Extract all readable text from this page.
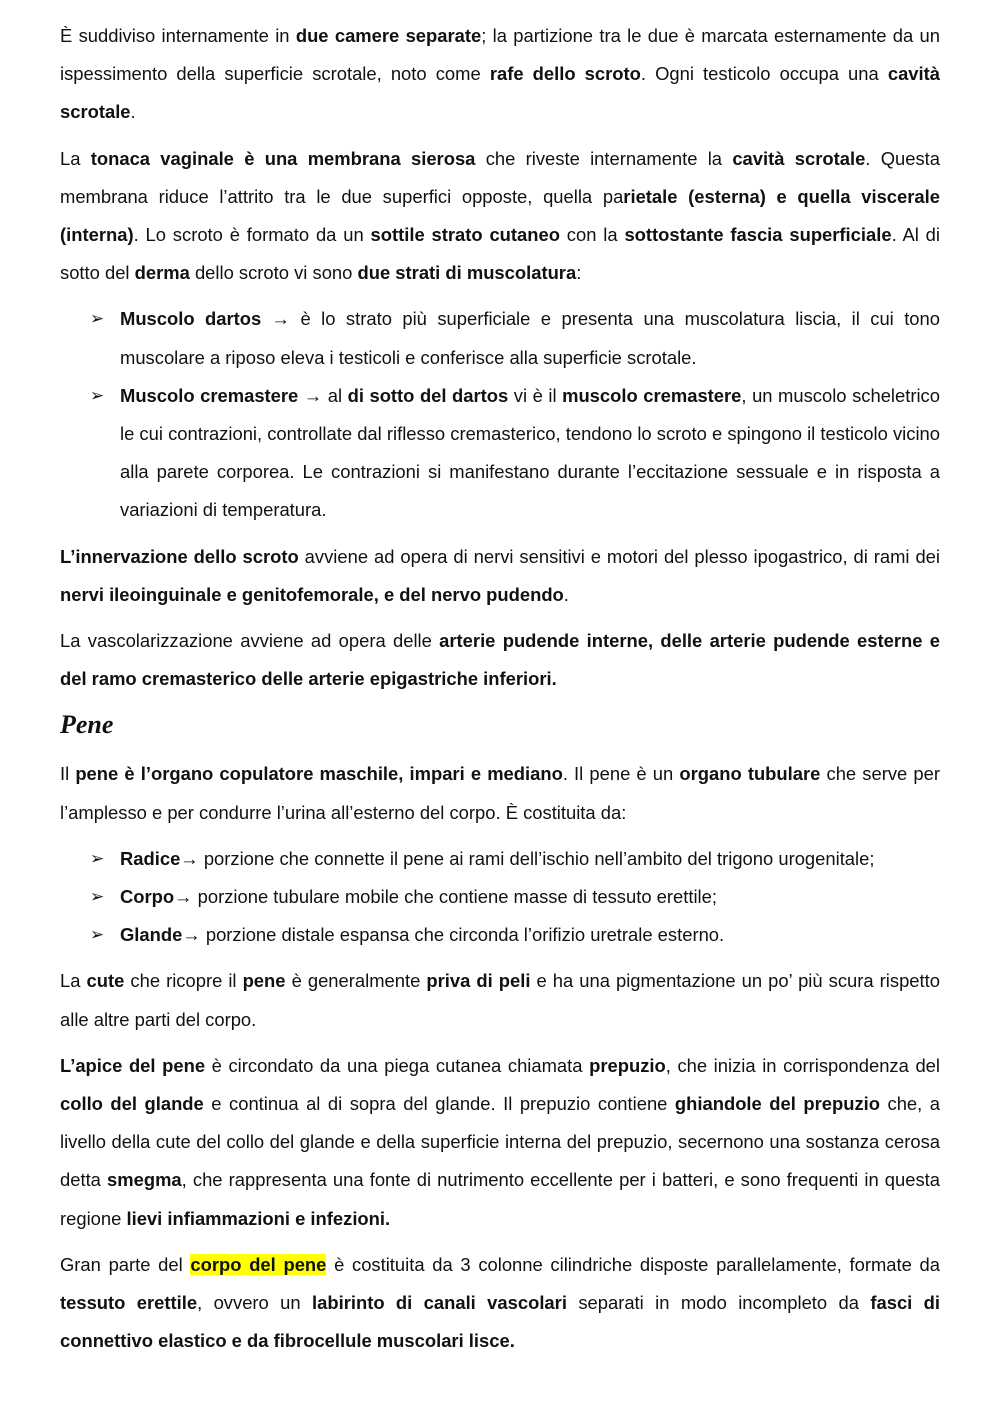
È suddiviso internamente in due camere separate; la partizione tra le due è marcata esternamente da un ispessimento della superficie scrotale, noto come rafe dello scroto. Ogni testicolo occupa una cavità scrotale.

La tonaca vaginale è una membrana sierosa che riveste internamente la cavità scrotale. Questa membrana riduce l’attrito tra le due superfici opposte, quella parietale (esterna) e quella viscerale (interna). Lo scroto è formato da un sottile strato cutaneo con la sottostante fascia superficiale. Al di sotto del derma dello scroto vi sono due strati di muscolatura:

➢ Muscolo dartos → è lo strato più superficiale e presenta una muscolatura liscia, il cui tono muscolare a riposo eleva i testicoli e conferisce alla superficie scrotale.
➢ Muscolo cremastere → al di sotto del dartos vi è il muscolo cremastere, un muscolo scheletrico le cui contrazioni, controllate dal riflesso cremasterico, tendono lo scroto e spingono il testicolo vicino alla parete corporea. Le contrazioni si manifestano durante l’eccitazione sessuale e in risposta a variazioni di temperatura.

L’innervazione dello scroto avviene ad opera di nervi sensitivi e motori del plesso ipogastrico, di rami dei nervi ileoinguinale e genitofemorale, e del nervo pudendo.

La vascolarizzazione avviene ad opera delle arterie pudende interne, delle arterie pudende esterne e del ramo cremasterico delle arterie epigastriche inferiori.

Pene

Il pene è l’organo copulatore maschile, impari e mediano. Il pene è un organo tubulare che serve per l’amplesso e per condurre l’urina all’esterno del corpo. È costituita da:

➢ Radice→ porzione che connette il pene ai rami dell’ischio nell’ambito del trigono urogenitale;
➢ Corpo→ porzione tubulare mobile che contiene masse di tessuto erettile;
➢ Glande→ porzione distale espansa che circonda l’orifizio uretrale esterno.

La cute che ricopre il pene è generalmente priva di peli e ha una pigmentazione un po’ più scura rispetto alle altre parti del corpo.

L’apice del pene è circondato da una piega cutanea chiamata prepuzio, che inizia in corrispondenza del collo del glande e continua al di sopra del glande. Il prepuzio contiene ghiandole del prepuzio che, a livello della cute del collo del glande e della superficie interna del prepuzio, secernono una sostanza cerosa detta smegma, che rappresenta una fonte di nutrimento eccellente per i batteri, e sono frequenti in questa regione lievi infiammazioni e infezioni.

Gran parte del corpo del pene è costituita da 3 colonne cilindriche disposte parallelamente, formate da tessuto erettile, ovvero un labirinto di canali vascolari separati in modo incompleto da fasci di connettivo elastico e da fibrocellule muscolari lisce.
